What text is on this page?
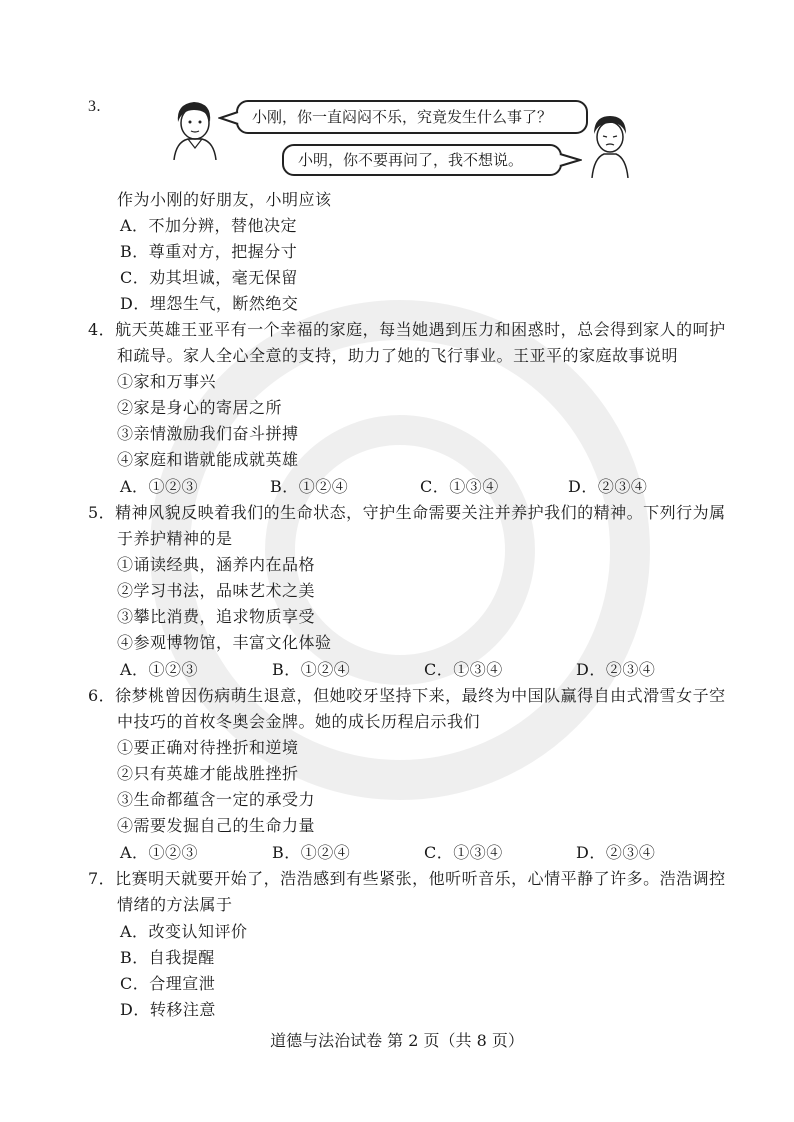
3.
小刚，你一直闷闷不乐，究竟发生什么事了？
小明，你不要再问了，我不想说。
作为小刚的好朋友，小明应该
A．不加分辨，替他决定
B．尊重对方，把握分寸
C．劝其坦诚，毫无保留
D．埋怨生气，断然绝交
4．航天英雄王亚平有一个幸福的家庭，每当她遇到压力和困惑时，总会得到家人的呵护
和疏导。家人全心全意的支持，助力了她的飞行事业。王亚平的家庭故事说明
①家和万事兴
②家是身心的寄居之所
③亲情激励我们奋斗拼搏
④家庭和谐就能成就英雄
A．①②③	B．①②④	C．①③④	D．②③④
5．精神风貌反映着我们的生命状态，守护生命需要关注并养护我们的精神。下列行为属
于养护精神的是
①诵读经典，涵养内在品格
②学习书法，品味艺术之美
③攀比消费，追求物质享受
④参观博物馆，丰富文化体验
A．①②③	B．①②④	C．①③④	D．②③④
6．徐梦桃曾因伤病萌生退意，但她咬牙坚持下来，最终为中国队赢得自由式滑雪女子空
中技巧的首枚冬奥会金牌。她的成长历程启示我们
①要正确对待挫折和逆境
②只有英雄才能战胜挫折
③生命都蕴含一定的承受力
④需要发掘自己的生命力量
A．①②③	B．①②④	C．①③④	D．②③④
7．比赛明天就要开始了，浩浩感到有些紧张，他听听音乐，心情平静了许多。浩浩调控
情绪的方法属于
A．改变认知评价
B．自我提醒
C．合理宣泄
D．转移注意
道德与法治试卷 第 2 页（共 8 页）
